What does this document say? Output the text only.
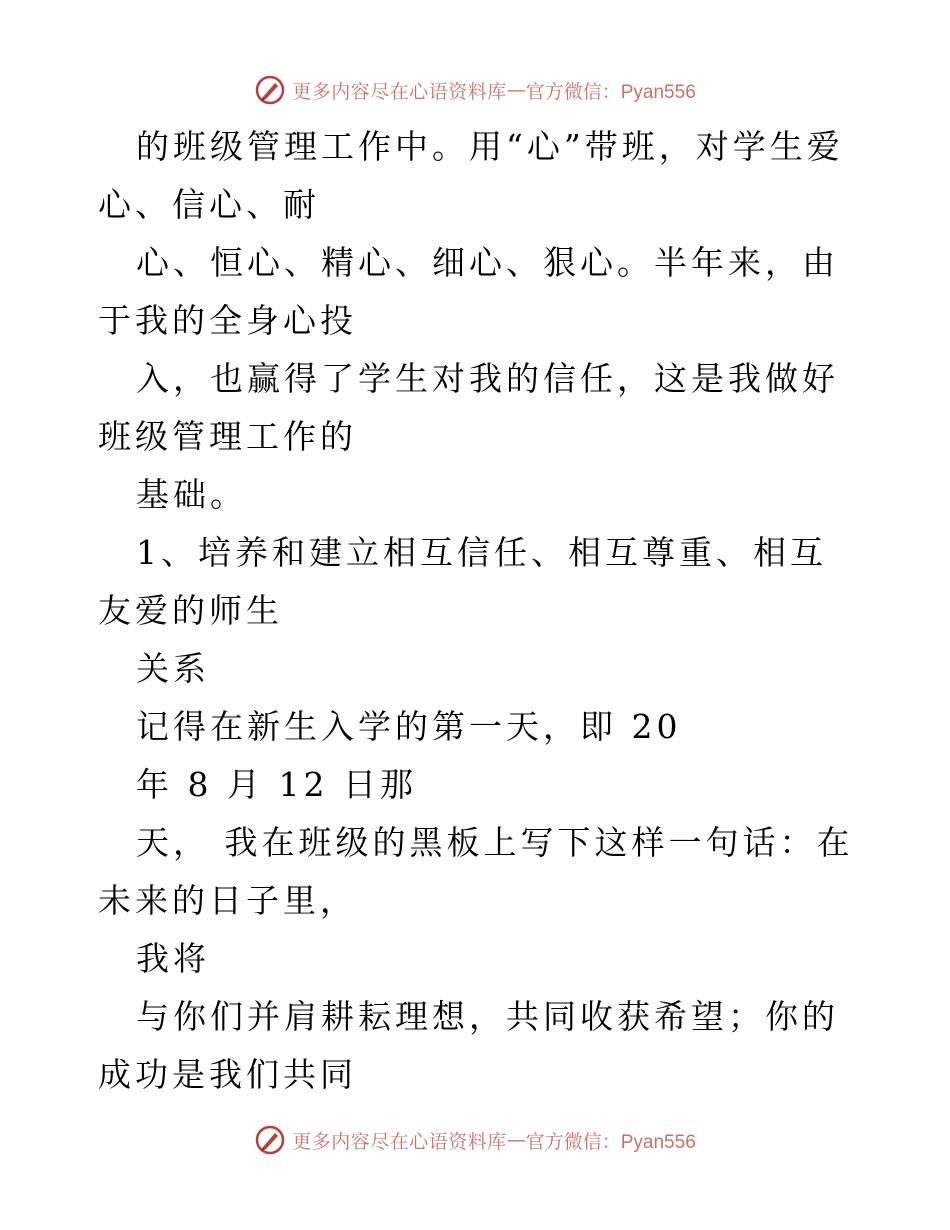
更多内容尽在心语资料库 — 官方微信：Pyan556

的班级管理工作中。用“心”带班，对学生爱心、信心、耐

心、恒心、精心、细心、狠心。半年来，由于我的全身心投

入，也赢得了学生对我的信任，这是我做好班级管理工作的

基础。

1、培养和建立相互信任、相互尊重、相互友爱的师生

关系

记得在新生入学的第一天，即 20

年 8 月 12 日那

天， 我在班级的黑板上写下这样一句话：在未来的日子里，

我将

与你们并肩耕耘理想，共同收获希望；你的成功是我们共同

更多内容尽在心语资料库 — 官方微信：Pyan556
